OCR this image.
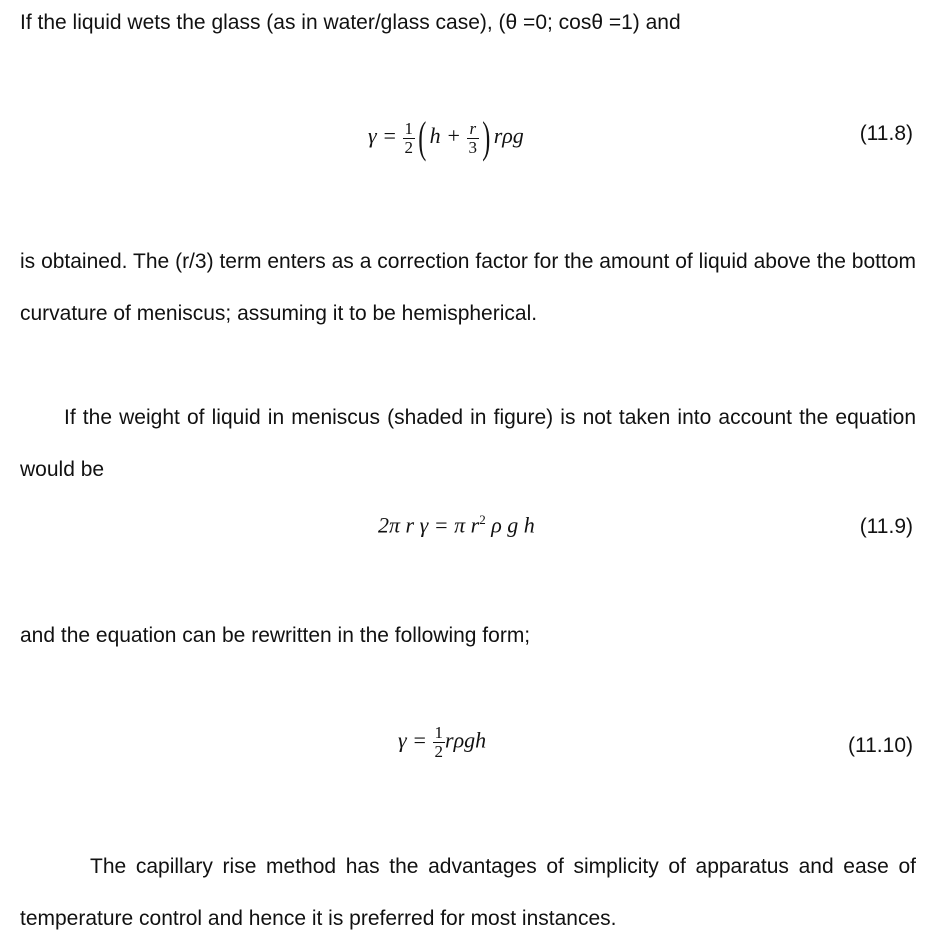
If the liquid wets the glass (as in water/glass case), (θ =0; cosθ =1) and

$\gamma = \frac{1}{2}$ ( $h + \frac{r}{3}$ ) rρg	(11.8)

is obtained. The (r/3) term enters as a correction factor for the amount of liquid above the bottom curvature of meniscus; assuming it to be hemispherical.

If the weight of liquid in meniscus (shaded in figure) is not taken into account the equation would be

2π r γ = π $r^2$ ρ g h	(11.9)

and the equation can be rewritten in the following form;

$\gamma = \frac{1}{2}$ rρgh	(11.10)

The capillary rise method has the advantages of simplicity of apparatus and ease of temperature control and hence it is preferred for most instances.
